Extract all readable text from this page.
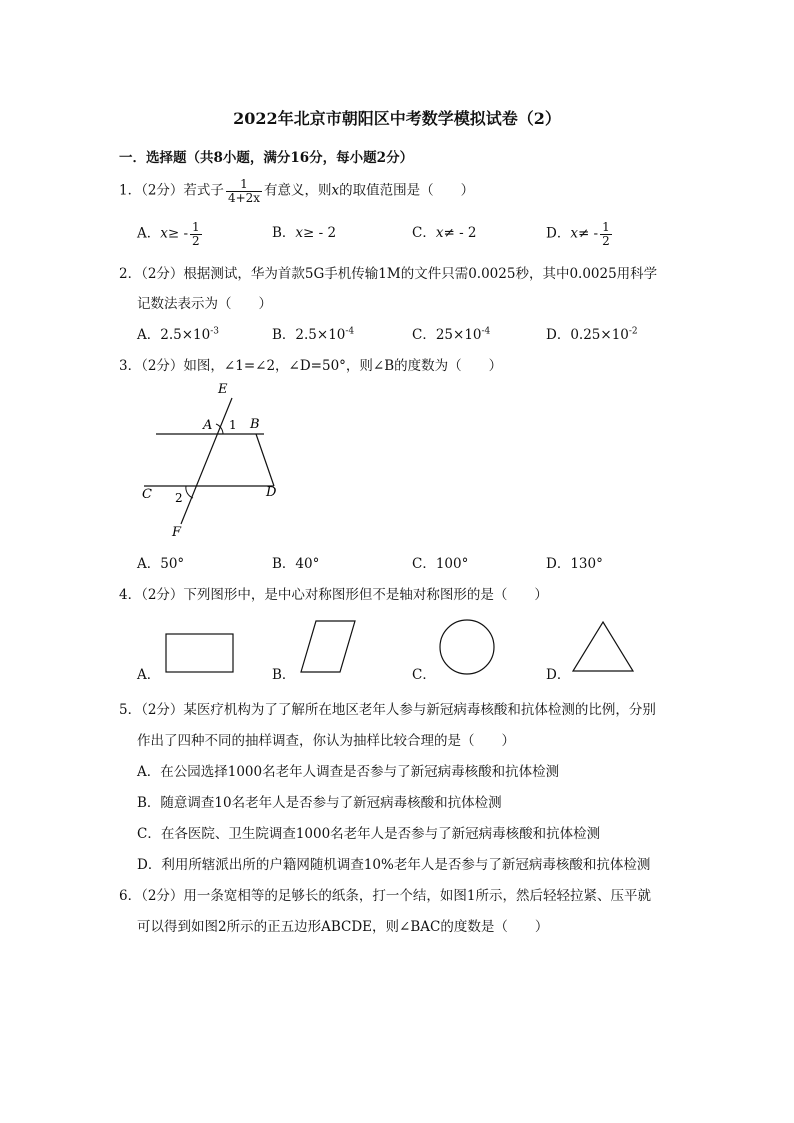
2022年北京市朝阳区中考数学模拟试卷（2）
一．选择题（共8小题，满分16分，每小题2分）
1．（2分）若式子 $\frac{1}{4+2x}$ 有意义，则x的取值范围是（　　）
A．$x\ge - \frac{1}{2}$	B．x≥ - 2	C．x≠ - 2	D．$x\ne - \frac{1}{2}$
2．（2分）根据测试，华为首款5G手机传输1M的文件只需0.0025秒，其中0.0025用科学
记数法表示为（　　）
A．$2.5\times 10^{-3}$	B．$2.5\times 10^{-4}$	C．$25\times 10^{-4}$	D．$0.25\times 10^{-2}$
3．（2分）如图，∠1=∠2，∠D=50°，则∠B的度数为（　　）
E
A 1 B
C 2	D
F
A．50°	B．40°	C．100°	D．130°
4．（2分）下列图形中，是中心对称图形但不是轴对称图形的是（　　）
A．	B．	C．	D．
5．（2分）某医疗机构为了了解所在地区老年人参与新冠病毒核酸和抗体检测的比例，分别
作出了四种不同的抽样调查，你认为抽样比较合理的是（　　）
A．在公园选择1000名老年人调查是否参与了新冠病毒核酸和抗体检测
B．随意调查10名老年人是否参与了新冠病毒核酸和抗体检测
C．在各医院、卫生院调查1000名老年人是否参与了新冠病毒核酸和抗体检测
D．利用所辖派出所的户籍网随机调查10%老年人是否参与了新冠病毒核酸和抗体检测
6．（2分）用一条宽相等的足够长的纸条，打一个结，如图1所示，然后轻轻拉紧、压平就
可以得到如图2所示的正五边形ABCDE，则∠BAC的度数是（　　）
